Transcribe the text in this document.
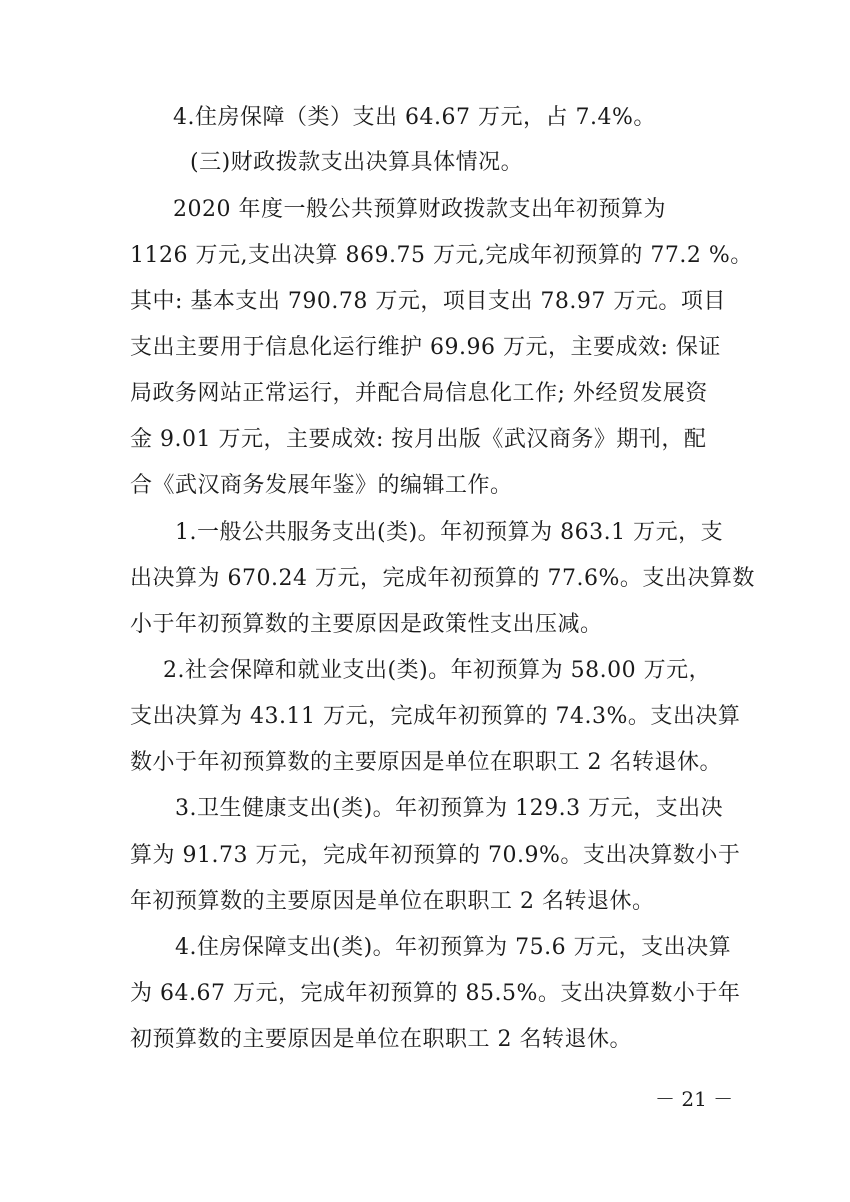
4.住房保障（类）支出 64.67 万元，占 7.4%。
(三)财政拨款支出决算具体情况。
2020 年度一般公共预算财政拨款支出年初预算为
1126 万元,支出决算 869.75 万元,完成年初预算的 77.2 %。
其中: 基本支出 790.78 万元，项目支出 78.97 万元。项目
支出主要用于信息化运行维护 69.96 万元，主要成效: 保证
局政务网站正常运行，并配合局信息化工作; 外经贸发展资
金 9.01 万元，主要成效: 按月出版《武汉商务》期刊，配
合《武汉商务发展年鉴》的编辑工作。
1.一般公共服务支出(类)。年初预算为 863.1 万元，支
出决算为 670.24 万元，完成年初预算的 77.6%。支出决算数
小于年初预算数的主要原因是政策性支出压减。
2.社会保障和就业支出(类)。年初预算为 58.00 万元，
支出决算为 43.11 万元，完成年初预算的 74.3%。支出决算
数小于年初预算数的主要原因是单位在职职工 2 名转退休。
3.卫生健康支出(类)。年初预算为 129.3 万元，支出决
算为 91.73 万元，完成年初预算的 70.9%。支出决算数小于
年初预算数的主要原因是单位在职职工 2 名转退休。
4.住房保障支出(类)。年初预算为 75.6 万元，支出决算
为 64.67 万元，完成年初预算的 85.5%。支出决算数小于年
初预算数的主要原因是单位在职职工 2 名转退休。
－ 21 －
